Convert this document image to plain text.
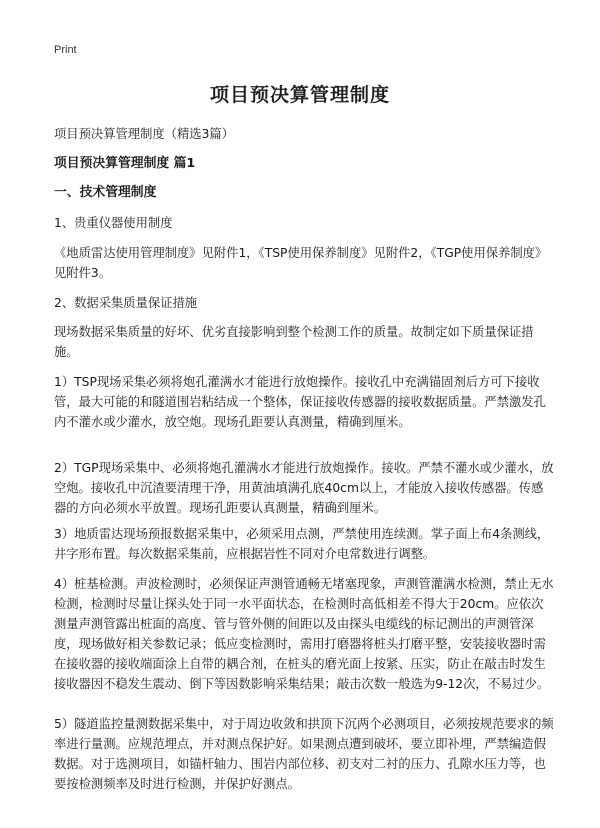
Print
项目预决算管理制度
项目预决算管理制度（精选3篇）
项目预决算管理制度 篇1
一、技术管理制度
1、贵重仪器使用制度
《地质雷达使用管理制度》见附件1，《TSP使用保养制度》见附件2，《TGP使用保养制度》见附件3。
2、数据采集质量保证措施
现场数据采集质量的好坏、优劣直接影响到整个检测工作的质量。故制定如下质量保证措施。
1）TSP现场采集必须将炮孔灌满水才能进行放炮操作。接收孔中充满锚固剂后方可下接收管，最大可能的和隧道围岩粘结成一个整体，保证接收传感器的接收数据质量。严禁激发孔内不灌水或少灌水，放空炮。现场孔距要认真测量，精确到厘米。
2）TGP现场采集中、必须将炮孔灌满水才能进行放炮操作。接收。严禁不灌水或少灌水，放空炮。接收孔中沉渣要清理干净，用黄油填满孔底40cm以上，才能放入接收传感器。传感器的方向必须水平放置。现场孔距要认真测量，精确到厘米。
3）地质雷达现场预报数据采集中，必须采用点测，严禁使用连续测。掌子面上布4条测线，井字形布置。每次数据采集前，应根据岩性不同对介电常数进行调整。
4）桩基检测。声波检测时，必须保证声测管通畅无堵塞现象，声测管灌满水检测，禁止无水检测，检测时尽量让探头处于同一水平面状态，在检测时高低相差不得大于20cm。应依次测量声测管露出桩面的高度、管与管外侧的间距以及由探头电缆线的标记测出的声测管深度，现场做好相关参数记录；低应变检测时，需用打磨器将桩头打磨平整，安装接收器时需在接收器的接收端面涂上自带的耦合剂，在桩头的磨光面上按紧、压实，防止在敲击时发生接收器因不稳发生震动、倒下等因数影响采集结果；敲击次数一般选为9-12次，不易过少。
5）隧道监控量测数据采集中，对于周边收敛和拱顶下沉两个必测项目，必须按规范要求的频率进行量测。应规范埋点，并对测点保护好。如果测点遭到破坏，要立即补埋，严禁编造假数据。对于选测项目，如锚杆轴力、围岩内部位移、初支对二衬的压力、孔隙水压力等，也要按检测频率及时进行检测，并保护好测点。
